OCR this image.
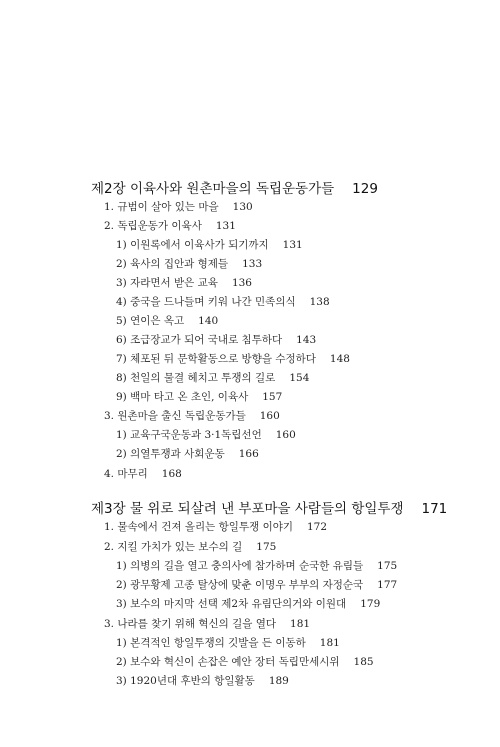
제2장 이육사와 원촌마을의 독립운동가들 129
1. 규범이 살아 있는 마을 130
2. 독립운동가 이육사 131
1) 이원록에서 이육사가 되기까지 131
2) 육사의 집안과 형제들 133
3) 자라면서 받은 교육 136
4) 중국을 드나들며 키워 나간 민족의식 138
5) 연이은 옥고 140
6) 조급장교가 되어 국내로 침투하다 143
7) 체포된 뒤 문학활동으로 방향을 수정하다 148
8) 천일의 물결 헤치고 투쟁의 길로 154
9) 백마 타고 온 초인, 이육사 157
3. 원촌마을 출신 독립운동가들 160
1) 교육구국운동과 3·1독립선언 160
2) 의열투쟁과 사회운동 166
4. 마무리 168
제3장 물 위로 되살려 낸 부포마을 사람들의 항일투쟁 171
1. 물속에서 건져 올리는 항일투쟁 이야기 172
2. 지킬 가치가 있는 보수의 길 175
1) 의병의 길을 열고 충의사에 참가하며 순국한 유림들 175
2) 광무황제 고종 탈상에 맞춘 이명우 부부의 자정순국 177
3) 보수의 마지막 선택 제2차 유림단의거와 이원대 179
3. 나라를 찾기 위해 혁신의 길을 열다 181
1) 본격적인 항일투쟁의 깃발을 든 이동하 181
2) 보수와 혁신이 손잡은 예안 장터 독립만세시위 185
3) 1920년대 후반의 항일활동 189
